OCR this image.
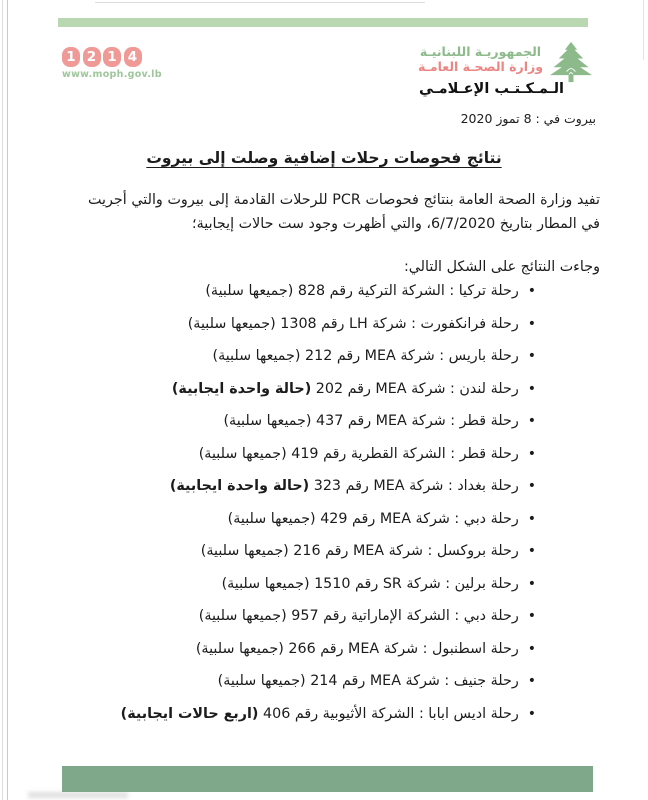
1 2 1 4
www.moph.gov.lb
الجمهوريـة اللبنانيـة
وزارة الصحـة العامـة
الـمـكـتـب الإعـلامـي
بيروت في : 8 تموز 2020
نتائج فحوصات رحلات إضافية وصلت إلى بيروت
تفيد وزارة الصحة العامة بنتائج فحوصات PCR للرحلات القادمة إلى بيروت والتي أجريت في المطار بتاريخ 6/7/2020، والتي أظهرت وجود ست حالات إيجابية؛
وجاءت النتائج على الشكل التالي:
• رحلة تركيا : الشركة التركية رقم 828 (جميعها سلبية)
• رحلة فرانكفورت : شركة LH رقم 1308 (جميعها سلبية)
• رحلة باريس : شركة MEA رقم 212 (جميعها سلبية)
• رحلة لندن : شركة MEA رقم 202 (حالة واحدة ايجابية)
• رحلة قطر : شركة MEA رقم 437 (جميعها سلبية)
• رحلة قطر : الشركة القطرية رقم 419 (جميعها سلبية)
• رحلة بغداد : شركة MEA رقم 323 (حالة واحدة ايجابية)
• رحلة دبي : شركة MEA رقم 429 (جميعها سلبية)
• رحلة بروكسل : شركة MEA رقم 216 (جميعها سلبية)
• رحلة برلين : شركة SR رقم 1510 (جميعها سلبية)
• رحلة دبي : الشركة الإماراتية رقم 957 (جميعها سلبية)
• رحلة اسطنبول : شركة MEA رقم 266 (جميعها سلبية)
• رحلة جنيف : شركة MEA رقم 214 (جميعها سلبية)
• رحلة اديس ابابا : الشركة الأثيوبية رقم 406 (اربع حالات ايجابية)
